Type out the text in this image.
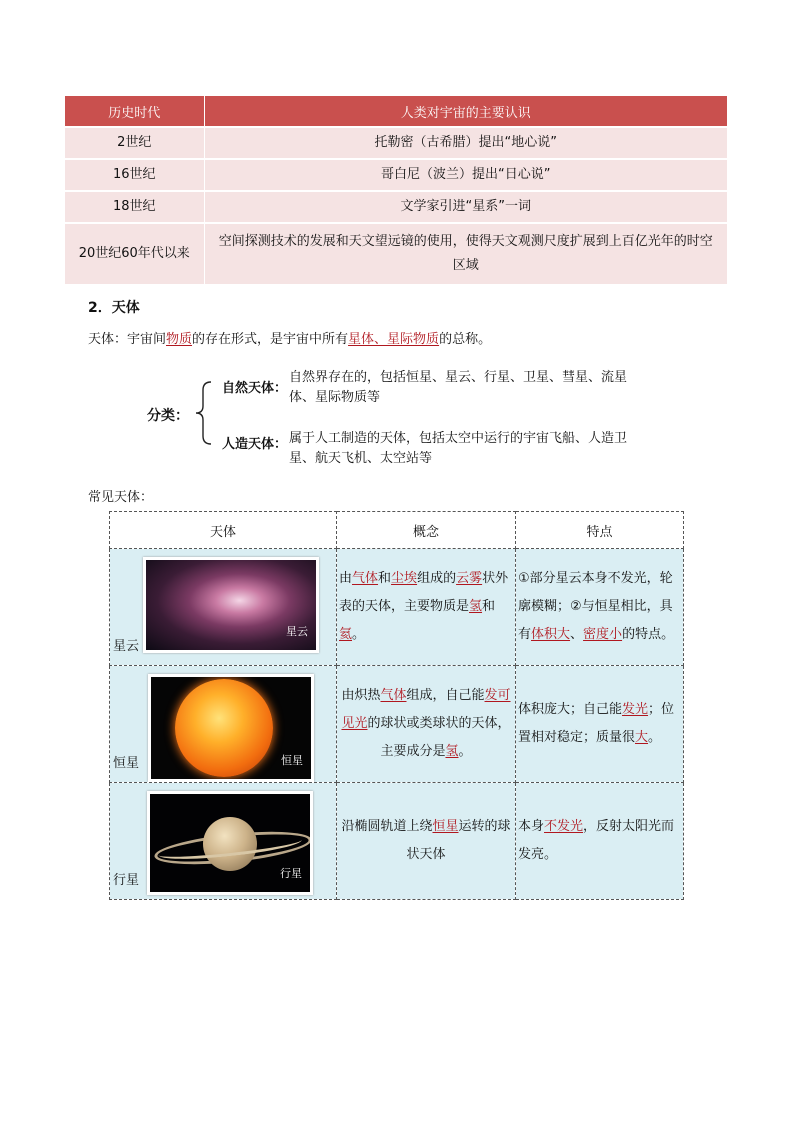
历史时代	人类对宇宙的主要认识
2世纪	托勒密（古希腊）提出“地心说”
16世纪	哥白尼（波兰）提出“日心说”
18世纪	文学家引进“星系”一词
20世纪60年代以来	空间探测技术的发展和天文望远镜的使用，使得天文观测尺度扩展到上百亿光年的时空区域
2．天体
天体：宇宙间物质的存在形式，是宇宙中所有星体、星际物质的总称。
分类：
自然天体：
自然界存在的，包括恒星、星云、行星、卫星、彗星、流星体、星际物质等
人造天体： 属于人工制造的天体，包括太空中运行的宇宙飞船、人造卫星、航天飞机、太空站等
常见天体：
天体	概念	特点

星云
星云	由气体和尘埃组成的云雾状外表的天体，主要物质是氢和氦。	①部分星云本身不发光，轮廓模糊；②与恒星相比，具有体积大、密度小的特点。

恒星
恒星	由炽热气体组成，自己能发可见光的球状或类球状的天体，主要成分是氢。	体积庞大；自己能发光；位置相对稳定；质量很大。

行星
行星	沿椭圆轨道上绕恒星运转的球状天体	本身不发光，反射太阳光而发亮。
